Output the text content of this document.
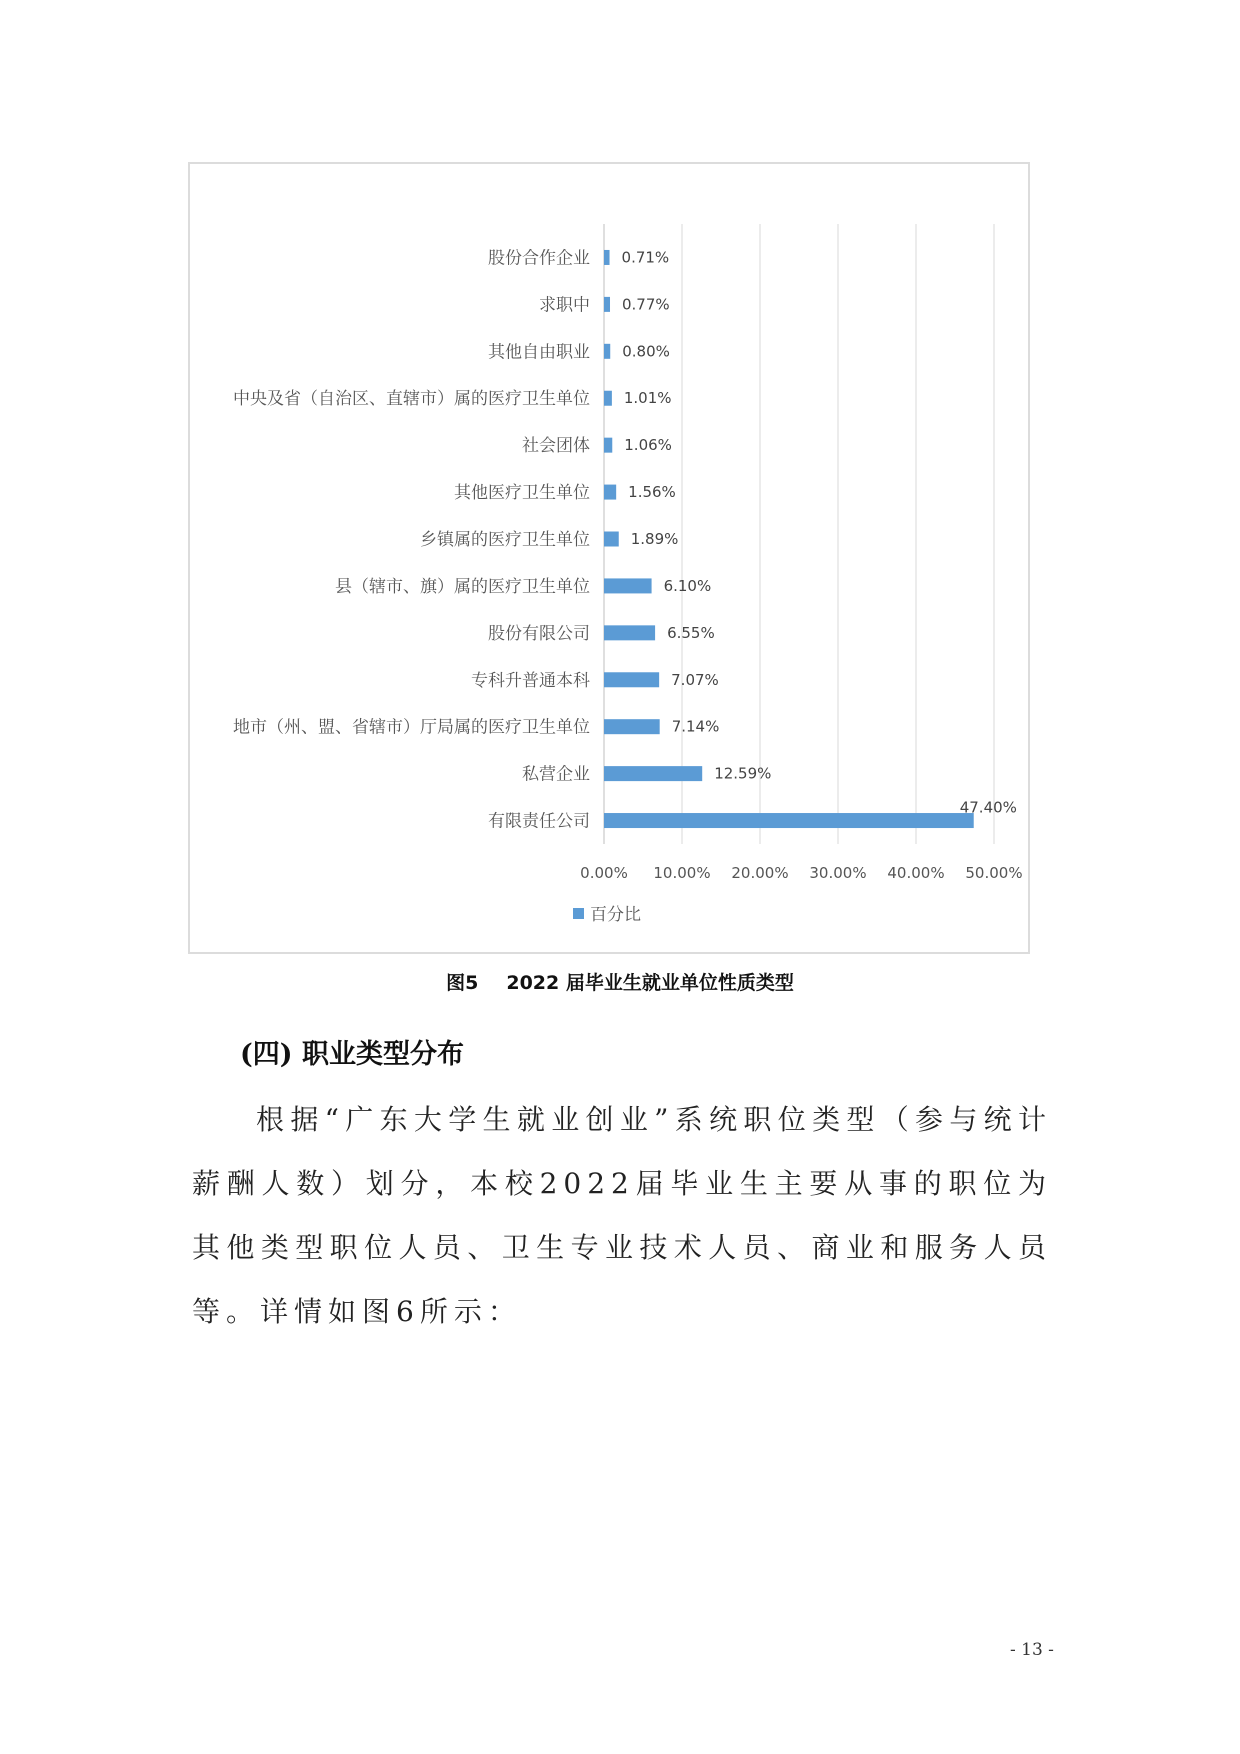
0.00% 10.00% 20.00% 30.00% 40.00% 50.00%
股份合作企业 0.71%
求职中 0.77%
其他自由职业 0.80%
中央及省（自治区、直辖市）属的医疗卫生单位 1.01%
社会团体 1.06%
其他医疗卫生单位	1.56%
乡镇属的医疗卫生单位	1.89%
县（辖市、旗）属的医疗卫生单位	6.10%
股份有限公司	6.55%
专科升普通本科	7.07%
地市（州、盟、省辖市）厅局属的医疗卫生单位	7.14%
私营企业	12.59%
有限责任公司
47.40%
百分比
图5 2022 届毕业生就业单位性质类型
(四) 职业类型分布

根据“广东大学生就业创业”系统职位类型（参与统计薪酬人数）划分，本校2022届毕业生主要从事的职位为其他类型职位人员、卫生专业技术人员、商业和服务人员等。详情如图6所示：

- 13 -
